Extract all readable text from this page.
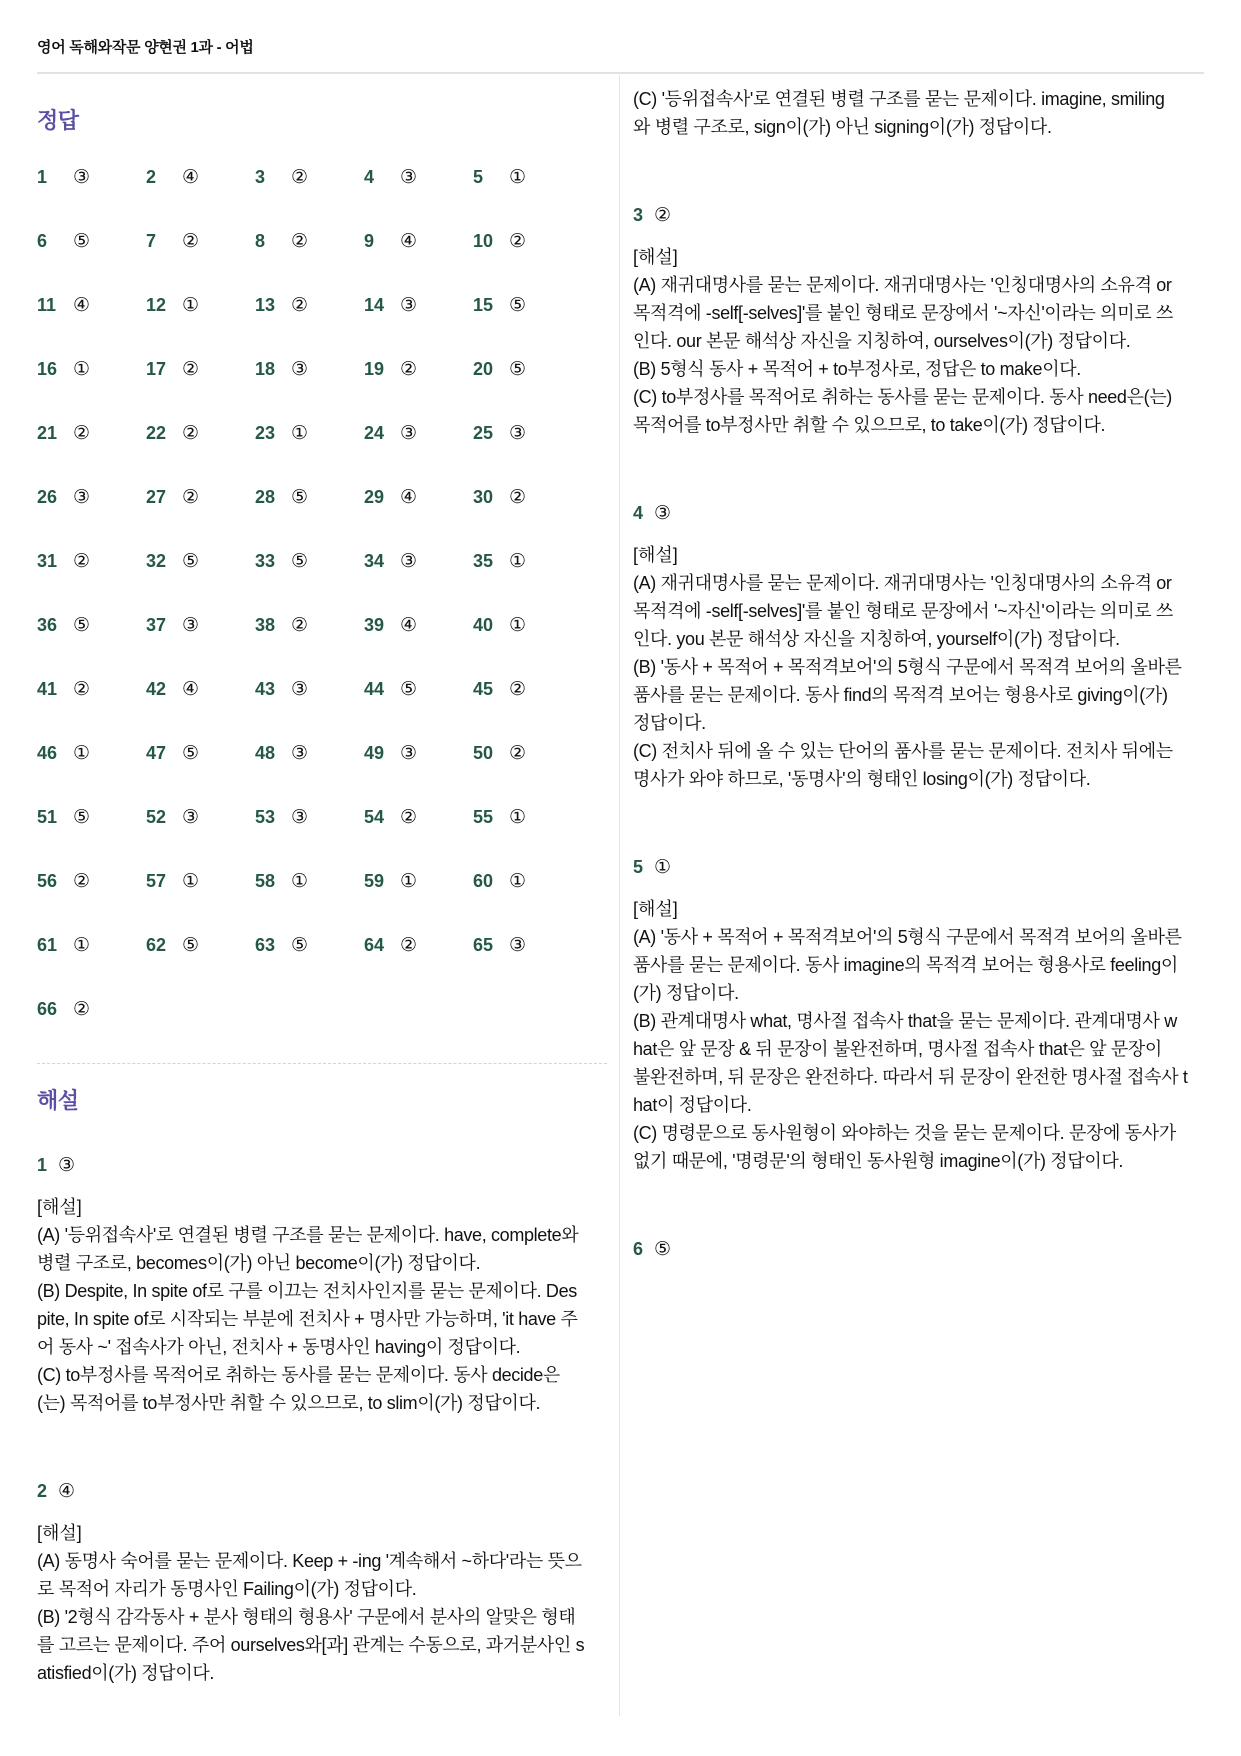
영어 독해와작문 양현권 1과 - 어법
정답
1	③	2	④	3	②	4	③	5	①
6	⑤	7	②	8	②	9	④	10 ②
11 ④	12 ①	13 ②	14 ③	15 ⑤
16 ①	17 ②	18 ③	19 ②	20 ⑤
21 ②	22 ②	23 ①	24 ③	25 ③
26 ③	27 ②	28 ⑤	29 ④	30 ②
31 ②	32 ⑤	33 ⑤	34 ③	35 ①
36 ⑤	37 ③	38 ②	39 ④	40 ①
41 ②	42 ④	43 ③	44 ⑤	45 ②
46 ①	47 ⑤	48 ③	49 ③	50 ②
51 ⑤	52 ③	53 ③	54 ②	55 ①
56 ②	57 ①	58 ①	59 ①	60 ①
61 ①	62 ⑤	63 ⑤	64 ②	65 ③
66 ②
해설
1 ③
[해설]
(A) '등위접속사'로 연결된 병렬 구조를 묻는 문제이다. have, complete와
병렬 구조로, becomes이(가) 아닌 become이(가) 정답이다.
(B) Despite, In spite of로 구를 이끄는 전치사인지를 묻는 문제이다. Des
pite, In spite of로 시작되는 부분에 전치사 + 명사만 가능하며, 'it have 주
어 동사 ~' 접속사가 아닌, 전치사 + 동명사인 having이 정답이다.
(C) to부정사를 목적어로 취하는 동사를 묻는 문제이다. 동사 decide은
(는) 목적어를 to부정사만 취할 수 있으므로, to slim이(가) 정답이다.
2 ④
[해설]
(A) 동명사 숙어를 묻는 문제이다. Keep + -ing '계속해서 ~하다'라는 뜻으
로 목적어 자리가 동명사인 Failing이(가) 정답이다.
(B) '2형식 감각동사 + 분사 형태의 형용사' 구문에서 분사의 알맞은 형태
를 고르는 문제이다. 주어 ourselves와[과] 관계는 수동으로, 과거분사인 s
atisfied이(가) 정답이다.
(C) '등위접속사'로 연결된 병렬 구조를 묻는 문제이다. imagine, smiling
와 병렬 구조로, sign이(가) 아닌 signing이(가) 정답이다.
3 ②
[해설]
(A) 재귀대명사를 묻는 문제이다. 재귀대명사는 '인칭대명사의 소유격 or
목적격에 -self[-selves]'를 붙인 형태로 문장에서 '~자신'이라는 의미로 쓰
인다. our 본문 해석상 자신을 지칭하여, ourselves이(가) 정답이다.
(B) 5형식 동사 + 목적어 + to부정사로, 정답은 to make이다.
(C) to부정사를 목적어로 취하는 동사를 묻는 문제이다. 동사 need은(는)
목적어를 to부정사만 취할 수 있으므로, to take이(가) 정답이다.
4 ③
[해설]
(A) 재귀대명사를 묻는 문제이다. 재귀대명사는 '인칭대명사의 소유격 or
목적격에 -self[-selves]'를 붙인 형태로 문장에서 '~자신'이라는 의미로 쓰
인다. you 본문 해석상 자신을 지칭하여, yourself이(가) 정답이다.
(B) '동사 + 목적어 + 목적격보어'의 5형식 구문에서 목적격 보어의 올바른
품사를 묻는 문제이다. 동사 find의 목적격 보어는 형용사로 giving이(가)
정답이다.
(C) 전치사 뒤에 올 수 있는 단어의 품사를 묻는 문제이다. 전치사 뒤에는
명사가 와야 하므로, '동명사'의 형태인 losing이(가) 정답이다.
5 ①
[해설]
(A) '동사 + 목적어 + 목적격보어'의 5형식 구문에서 목적격 보어의 올바른
품사를 묻는 문제이다. 동사 imagine의 목적격 보어는 형용사로 feeling이
(가) 정답이다.
(B) 관계대명사 what, 명사절 접속사 that을 묻는 문제이다. 관계대명사 w
hat은 앞 문장 & 뒤 문장이 불완전하며, 명사절 접속사 that은 앞 문장이
불완전하며, 뒤 문장은 완전하다. 따라서 뒤 문장이 완전한 명사절 접속사 t
hat이 정답이다.
(C) 명령문으로 동사원형이 와야하는 것을 묻는 문제이다. 문장에 동사가
없기 때문에, '명령문'의 형태인 동사원형 imagine이(가) 정답이다.
6 ⑤
